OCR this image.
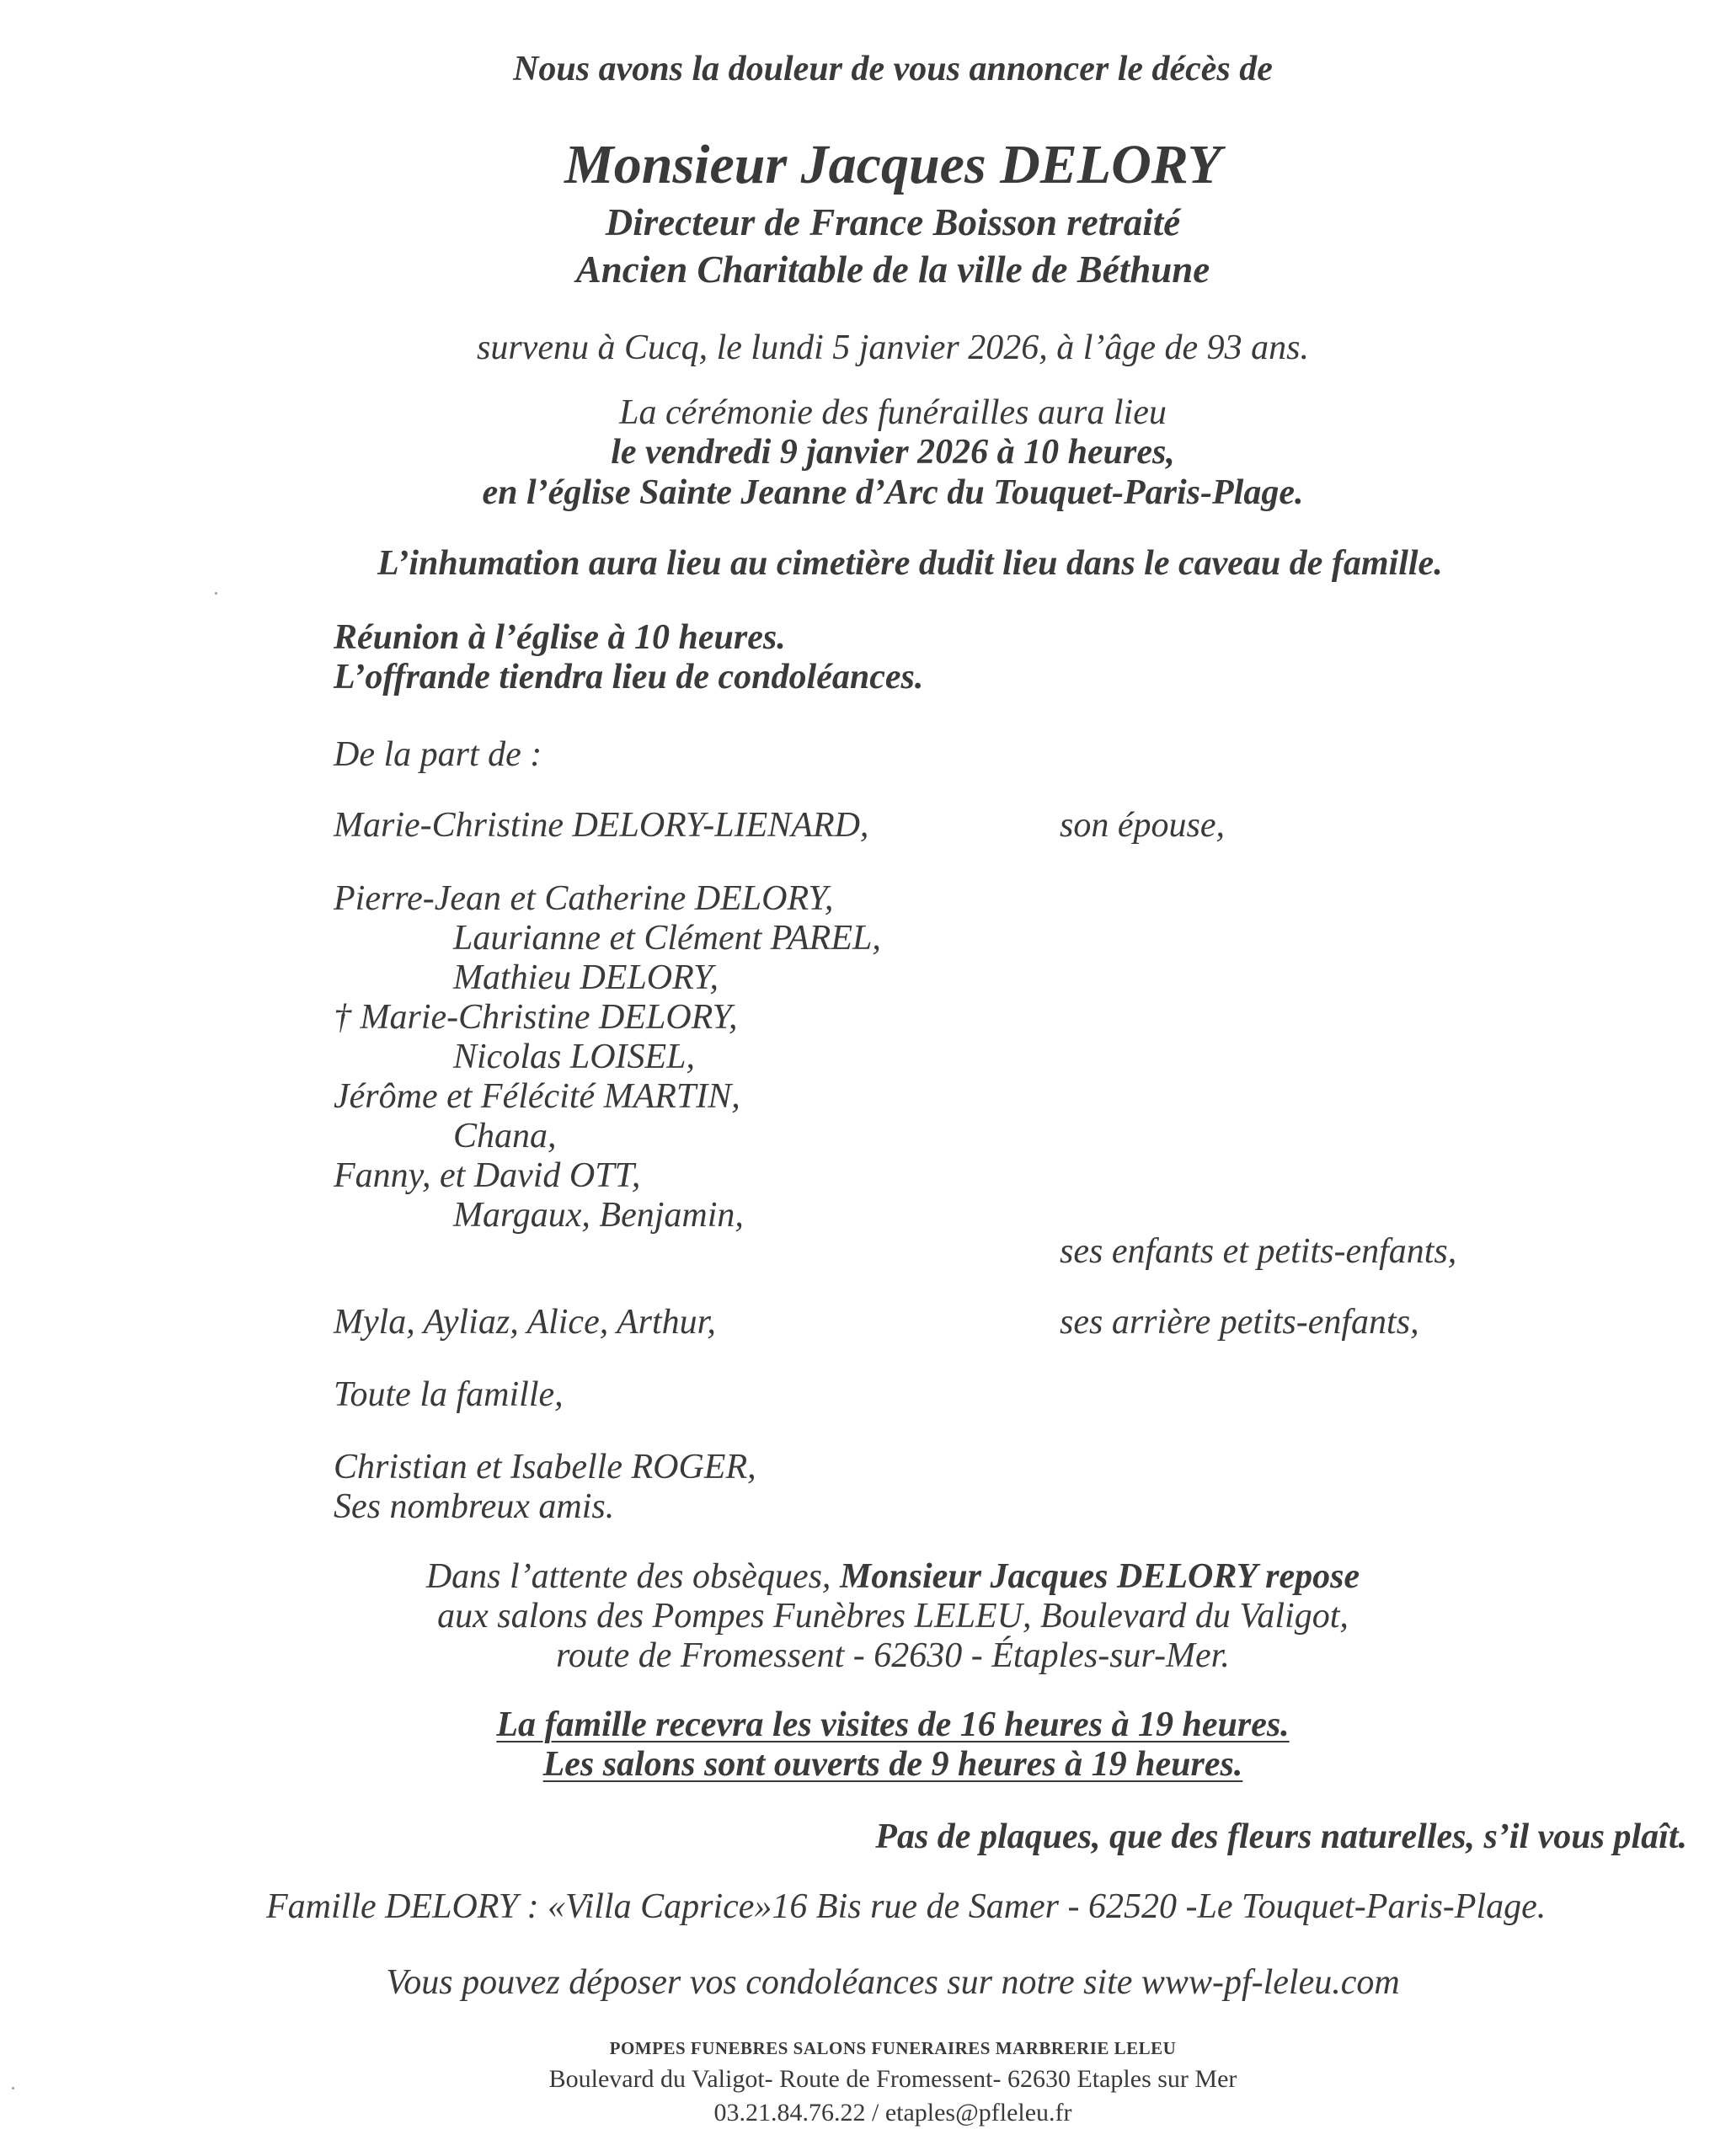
Nous avons la douleur de vous annoncer le décès de
Monsieur Jacques DELORY
Directeur de France Boisson retraité
Ancien Charitable de la ville de Béthune
survenu à Cucq, le lundi 5 janvier 2026, à l’âge de 93 ans.
La cérémonie des funérailles aura lieu
le vendredi 9 janvier 2026 à 10 heures,
en l’église Sainte Jeanne d’Arc du Touquet-Paris-Plage.
L’inhumation aura lieu au cimetière dudit lieu dans le caveau de famille.
Réunion à l’église à 10 heures.
L’offrande tiendra lieu de condoléances.
De la part de :
Marie-Christine DELORY-LIENARD,	son épouse,
Pierre-Jean et Catherine DELORY,
Laurianne et Clément PAREL,
Mathieu DELORY,
† Marie-Christine DELORY,
Nicolas LOISEL,
Jérôme et Félécité MARTIN,
Chana,
Fanny, et David OTT,
Margaux, Benjamin,
ses enfants et petits-enfants,
Myla, Ayliaz, Alice, Arthur,	ses arrière petits-enfants,
Toute la famille,
Christian et Isabelle ROGER,
Ses nombreux amis.
Dans l’attente des obsèques, Monsieur Jacques DELORY repose
aux salons des Pompes Funèbres LELEU, Boulevard du Valigot,
route de Fromessent - 62630 - Étaples-sur-Mer.
La famille recevra les visites de 16 heures à 19 heures.
Les salons sont ouverts de 9 heures à 19 heures.
Pas de plaques, que des fleurs naturelles, s’il vous plaît.
Famille DELORY : «Villa Caprice»16 Bis rue de Samer - 62520 -Le Touquet-Paris-Plage.
Vous pouvez déposer vos condoléances sur notre site www-pf-leleu.com
POMPES FUNEBRES SALONS FUNERAIRES MARBRERIE LELEU
Boulevard du Valigot- Route de Fromessent- 62630 Etaples sur Mer
03.21.84.76.22 / etaples@pfleleu.fr
